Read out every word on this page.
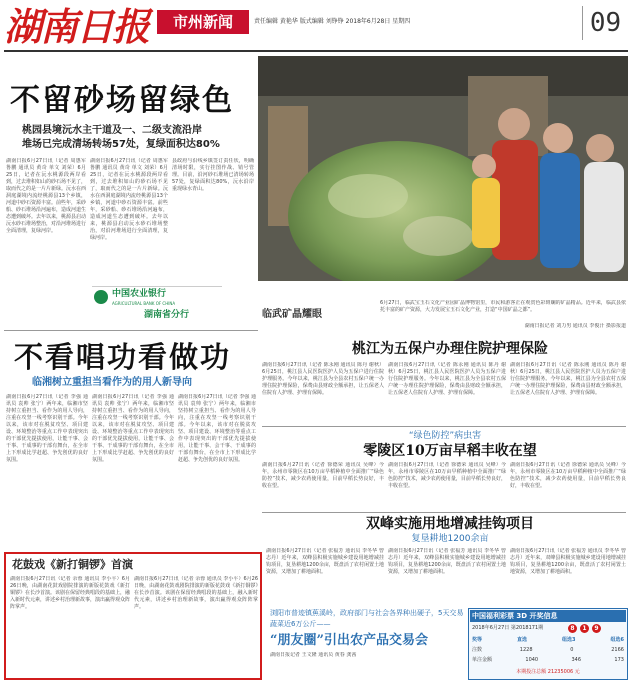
湖南日报	市州新闻	责任编辑 黄艳华 版式编辑 刘铮铮 2018年6月28日 星期四	09
不留砂场留绿色
桃园县境沅水主干道及一、二级支流沿岸
堆场已完成清场转场57处，复绿面积达80%
湖南日报6月27日讯（记者 周惠军 鲁鹏 通讯员 黄奇 单文 刘荣）6月25日，记者在沅水桃源段两岸看到，过去堆积如山的砂石场不见了，取而代之的是一片片新绿。沅水在西洞庭湖境内流经桃源县13个乡镇，河道中砂石资源丰富。前些年，采砂船、砂石堆场沿河遍布，造成河道生态遭到破坏。去年以来，桃源县启动沅水砂石堆场整治，对沿河堆场进行全面清理，复绿河岸。
湖南日报6月27日讯（记者 周惠军 鲁鹏 通讯员 黄奇 单文 刘荣）6月25日，记者在沅水桃源段两岸看到，过去堆积如山的砂石场不见了，取而代之的是一片片新绿。沅水在西洞庭湖境内流经桃源县13个乡镇，河道中砂石资源丰富。前些年，采砂船、砂石堆场沿河遍布，造成河道生态遭到破坏。去年以来，桃源县启动沅水砂石堆场整治，对沿河堆场进行全面清理，复绿河岸。
县政府与沿线乡镇签订责任状，明确清场时限，实行挂图作战、销号管理。目前，沿河砂石堆场已清场转场57处，复绿面积达80%，沅水沿岸重现绿水青山。
中国农业银行
AGRICULTURAL BANK OF CHINA
湖南省分行	临武矿晶耀眼
6月27日，临武宝玉石文化产业园矿晶博物馆里，市民和游客正在观赏色彩斑斓的矿晶精品。近年来，临武县依托丰富的矿产资源，大力发展宝玉石文化产业，打造“中国矿晶之都”。
湖南日报记者 刘力男 通讯员 李俊汗 摄影报道
不看唱功看做功
临湘树立重担当看作为的用人新导向
湖南日报6月27日讯（记者 李强 通讯员 袁帅 张宁）两年来，临湘市坚持树立重担当、看作为的用人导向，注重在攻坚一线考察识别干部。今年以来，该市对在脱贫攻坚、项目建设、环境整治等重点工作中表现突出的干部优先提拔使用，让能干事、会干事、干成事的干部有舞台，在全市上下形成比学赶超、争先创优的良好氛围。
湖南日报6月27日讯（记者 李强 通讯员 袁帅 张宁）两年来，临湘市坚持树立重担当、看作为的用人导向，注重在攻坚一线考察识别干部。今年以来，该市对在脱贫攻坚、项目建设、环境整治等重点工作中表现突出的干部优先提拔使用，让能干事、会干事、干成事的干部有舞台，在全市上下形成比学赶超、争先创优的良好氛围。
湖南日报6月27日讯（记者 李强 通讯员 袁帅 张宁）两年来，临湘市坚持树立重担当、看作为的用人导向，注重在攻坚一线考察识别干部。今年以来，该市对在脱贫攻坚、项目建设、环境整治等重点工作中表现突出的干部优先提拔使用，让能干事、会干事、干成事的干部有舞台，在全市上下形成比学赶超、争先创优的良好氛围。
桃江为五保户办理住院护理保险
湖南日报6月27日讯（记者 陈永刚 通讯员 陈丹 谢秋）6月25日，桃江县人民医院医护人员为五保户进行住院护理服务。今年以来，桃江县为全县农村五保户统一办理住院护理保险，保费由县财政全额承担，让五保老人住院有人护理、护理有保障。
湖南日报6月27日讯（记者 陈永刚 通讯员 陈丹 谢秋）6月25日，桃江县人民医院医护人员为五保户进行住院护理服务。今年以来，桃江县为全县农村五保户统一办理住院护理保险，保费由县财政全额承担，让五保老人住院有人护理、护理有保障。
湖南日报6月27日讯（记者 陈永刚 通讯员 陈丹 谢秋）6月25日，桃江县人民医院医护人员为五保户进行住院护理服务。今年以来，桃江县为全县农村五保户统一办理住院护理保险，保费由县财政全额承担，让五保老人住院有人护理、护理有保障。
“绿色防控”病虫害
零陵区10万亩早稻丰收在望
湖南日报6月27日讯（记者 徐德荣 通讯员 吴峰）今年，永州市零陵区在10万亩早稻种植中全面推广“绿色防控”技术，减少农药使用量，目前早稻长势良好，丰收在望。
湖南日报6月27日讯（记者 徐德荣 通讯员 吴峰）今年，永州市零陵区在10万亩早稻种植中全面推广“绿色防控”技术，减少农药使用量，目前早稻长势良好，丰收在望。
湖南日报6月27日讯（记者 徐德荣 通讯员 吴峰）今年，永州市零陵区在10万亩早稻种植中全面推广“绿色防控”技术，减少农药使用量，目前早稻长势良好，丰收在望。
双峰实施用地增减挂钩项目
复垦耕地1200余亩
湖南日报6月27日讯（记者 张福芳 通讯员 李冬华 曾志丹）近年来，双峰县积极实施城乡建设用地增减挂钩项目，复垦耕地1200余亩，既盘活了农村闲置土地资源，又增加了耕地面积。
湖南日报6月27日讯（记者 张福芳 通讯员 李冬华 曾志丹）近年来，双峰县积极实施城乡建设用地增减挂钩项目，复垦耕地1200余亩，既盘活了农村闲置土地资源，又增加了耕地面积。
湖南日报6月27日讯（记者 张福芳 通讯员 李冬华 曾志丹）近年来，双峰县积极实施城乡建设用地增减挂钩项目，复垦耕地1200余亩，既盘活了农村闲置土地资源，又增加了耕地面积。
花鼓戏《新打铜锣》首演
湖南日报6月27日讯（记者 余蓉 通讯员 李小平）6月26日晚，由湖南花鼓戏剧院排演的新版花鼓戏《新打铜锣》在长沙首演。该剧在保留经典唱段的基础上，融入新时代元素，讲述乡村治理新故事，演出赢得观众阵阵掌声。
湖南日报6月27日讯（记者 余蓉 通讯员 李小平）6月26日晚，由湖南花鼓戏剧院排演的新版花鼓戏《新打铜锣》在长沙首演。该剧在保留经典唱段的基础上，融入新时代元素，讲述乡村治理新故事，演出赢得观众阵阵掌声。
浏阳市普迹镇蕉溪岭，政府部门与社会各界种出硬子，5天交易蔬菜近6万公斤——
“朋友圈”引出农产品交易会
湖南日报记者 王文隆 通讯员 黄春 龚茜
中国福利彩票 3D 开奖信息
2018年6月27日 第2018171期	8	1	9
奖等	直选	组选3	组选6
注数	1228	0	2166
单注金额	1040	346	173
本期投注总额 21235006 元
